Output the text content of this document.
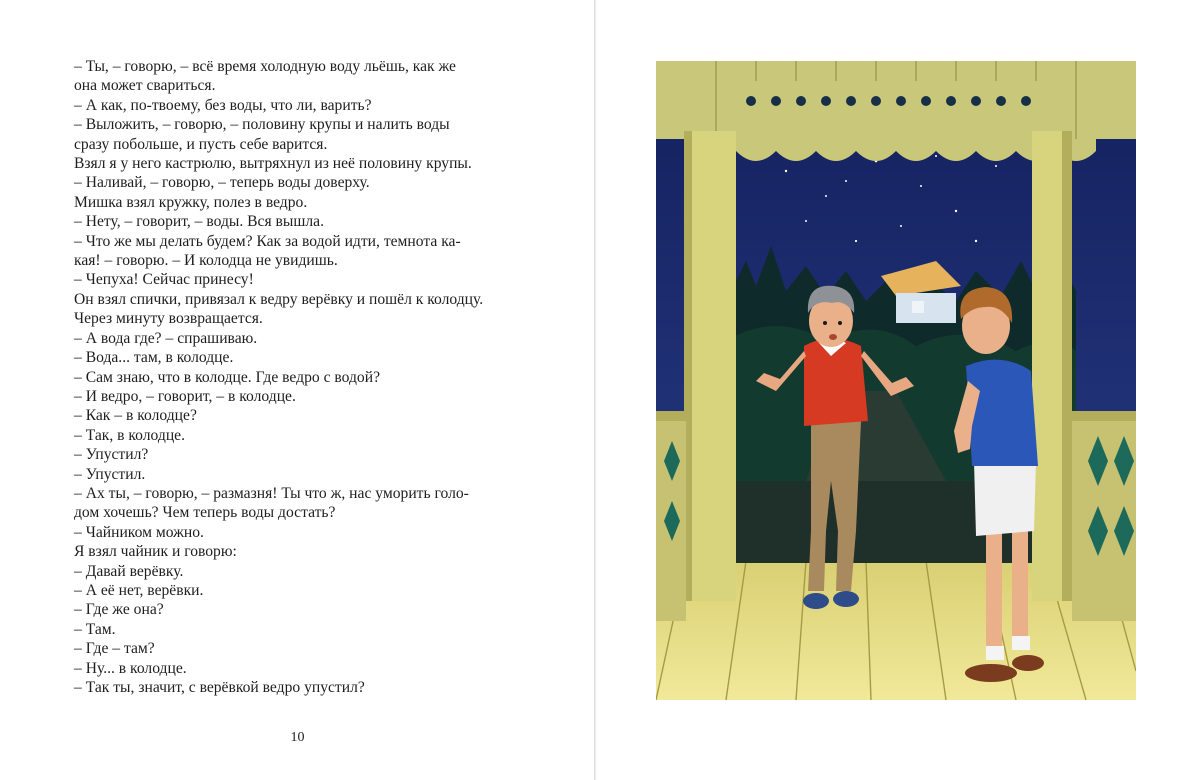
– Ты, – говорю, – всё время холодную воду льёшь, как же

она может свариться.

– А как, по-твоему, без воды, что ли, варить?

– Выложить, – говорю, – половину крупы и налить воды

сразу побольше, и пусть себе варится.

Взял я у него кастрюлю, вытряхнул из неё половину крупы.

– Наливай, – говорю, – теперь воды доверху.

Мишка взял кружку, полез в ведро.

– Нету, – говорит, – воды. Вся вышла.

– Что же мы делать будем? Как за водой идти, темнота ка-

кая! – говорю. – И колодца не увидишь.

– Чепуха! Сейчас принесу!

Он взял спички, привязал к ведру верёвку и пошёл к колодцу.

Через минуту возвращается.

– А вода где? – спрашиваю.

– Вода... там, в колодце.

– Сам знаю, что в колодце. Где ведро с водой?

– И ведро, – говорит, – в колодце.

– Как – в колодце?

– Так, в колодце.

– Упустил?

– Упустил.

– Ах ты, – говорю, – размазня! Ты что ж, нас уморить голо-

дом хочешь? Чем теперь воды достать?

– Чайником можно.

Я взял чайник и говорю:

– Давай верёвку.

– А её нет, верёвки.

– Где же она?

– Там.

– Где – там?

– Ну... в колодце.

– Так ты, значит, с верёвкой ведро упустил?

10
